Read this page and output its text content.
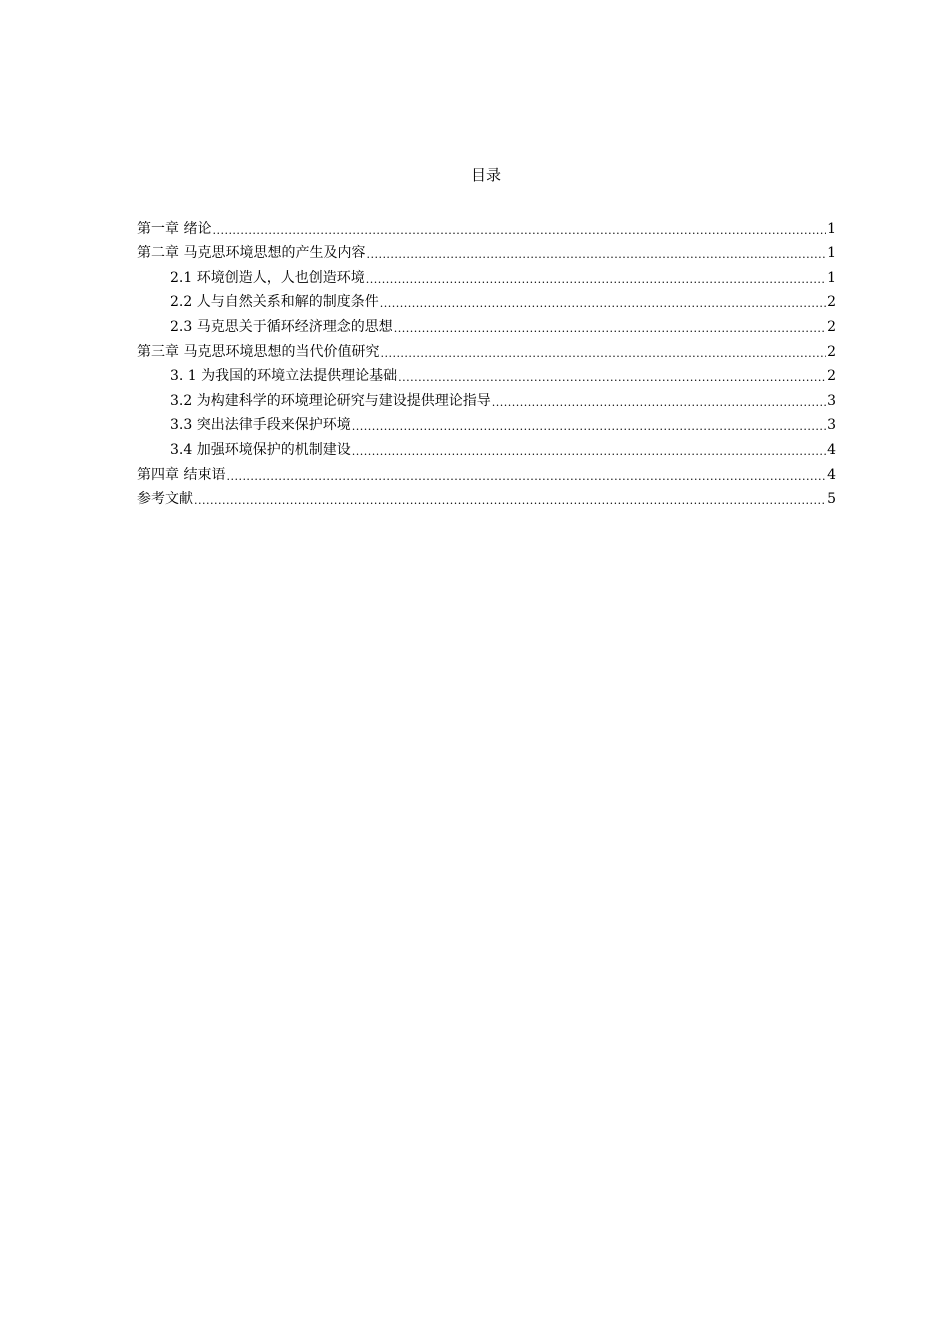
目录
第一章 绪论 .....	1
第二章 马克思环境思想的产生及内容 .....	1
2.1 环境创造人，人也创造环境 .....	1
2.2 人与自然关系和解的制度条件 .....	2
2.3 马克思关于循环经济理念的思想 .....	2
第三章 马克思环境思想的当代价值研究 .....	2
3. 1 为我国的环境立法提供理论基础 .....	2
3.2 为构建科学的环境理论研究与建设提供理论指导 .....	3
3.3 突出法律手段来保护环境 .....	3
3.4 加强环境保护的机制建设 .....	4
第四章 结束语 .....	4
参考文献 .....	5
